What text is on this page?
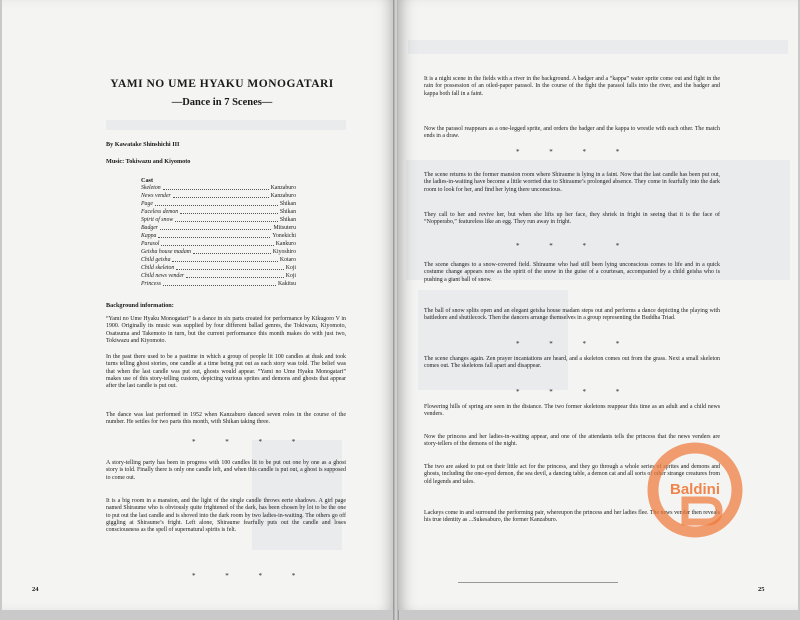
YAMI NO UME HYAKU MONOGATARI
—Dance in 7 Scenes—
By Kawatake Shinshichi III
Music: Tokiwazu and Kiyomoto
Cast
Skeleton	Kanzaburo
News vender	Kanzaburo
Page	Shikan
Faceless demon	Shikan
Spirit of snow	Shikan
Badger	Mitsuteru
Kappa	Yonekichi
Parasol	Kankuro
Geisha house madam	Kiyoshiro
Child geisha	Kotaro
Child skeleton	Koji
Child news vender	Koji
Princess	Kakitsu
Background information:
“Yami no Ume Hyaku Monogatari” is a dance in six parts created for performance by Kikugoro V in 1900. Originally its music was supplied by four different ballad genres, the Tokiwazu, Kiyomoto, Osatsuma and Takemoto in turn, but the current performance this month makes do with just two, Tokiwazu and Kiyomoto.
In the past there used to be a pastime in which a group of people lit 100 candles at dusk and took turns telling ghost stories, one candle at a time being put out as each story was told. The belief was that when the last candle was put out, ghosts would appear. “Yami no Ume Hyaku Monogatari” makes use of this story-telling custom, depicting various sprites and demons and ghosts that appear after the last candle is put out.
The dance was last performed in 1952 when Kanzaburo danced seven roles in the course of the number. He settles for two parts this month, with Shikan taking three.
* * * *
A story-telling party has been in progress with 100 candles lit to be put out one by one as a ghost story is told. Finally there is only one candle left, and when this candle is put out, a ghost is supposed to come out.
It is a big room in a mansion, and the light of the single candle throws eerie shadows. A girl page named Shiraume who is obviously quite frightened of the dark, has been chosen by lot to be the one to put out the last candle and is shoved into the dark room by two ladies-in-waiting. The others go off giggling at Shiraume’s fright. Left alone, Shiraume fearfully puts out the candle and loses consciousness as the spell of supernatural spirits is felt.
* * * *
24
It is a night scene in the fields with a river in the background. A badger and a “kappa” water sprite come out and fight in the rain for possession of an oiled-paper parasol. In the course of the fight the parasol falls into the river, and the badger and kappa both fall in a faint.
Now the parasol reappears as a one-legged sprite, and orders the badger and the kappa to wrestle with each other. The match ends in a draw.
* * * *
The scene returns to the former mansion room where Shiraume is lying in a faint. Now that the last candle has been put out, the ladies-in-waiting have become a little worried due to Shiraume’s prolonged absence. They come in fearfully into the dark room to look for her, and find her lying there unconscious.
They call to her and revive her, but when she lifts up her face, they shriek in fright in seeing that it is the face of “Nopperabo,” featureless like an egg. They run away in fright.
* * * *
The scene changes to a snow-covered field. Shiraume who had still been lying unconscious comes to life and in a quick costume change appears now as the spirit of the snow in the guise of a courtesan, accompanied by a child geisha who is pushing a giant ball of snow.
The ball of snow splits open and an elegant geisha house madam steps out and performs a dance depicting the playing with battledore and shuttlecock. Then the dancers arrange themselves in a group representing the Buddha Triad.
* * * *
The scene changes again. Zen prayer incantations are heard, and a skeleton comes out from the grass. Next a small skeleton comes out. The skeletons fall apart and disappear.
* * * *
Flowering hills of spring are seen in the distance. The two former skeletons reappear this time as an adult and a child news venders.
Now the princess and her ladies-in-waiting appear, and one of the attendants tells the princess that the news venders are story-tellers of the demons of the night.
The two are asked to put on their little act for the princess, and they go through a whole series of sprites and demons and ghosts, including the one-eyed demon, the sea devil, a dancing table, a demon cat and all sorts of other strange creatures from old legends and tales.
Lackeys come in and surround the performing pair, whereupon the princess and her ladies flee. The news vender then reveals his true identity as ...Sukesaburo, the former Kanzaburo.
25
Baldini
